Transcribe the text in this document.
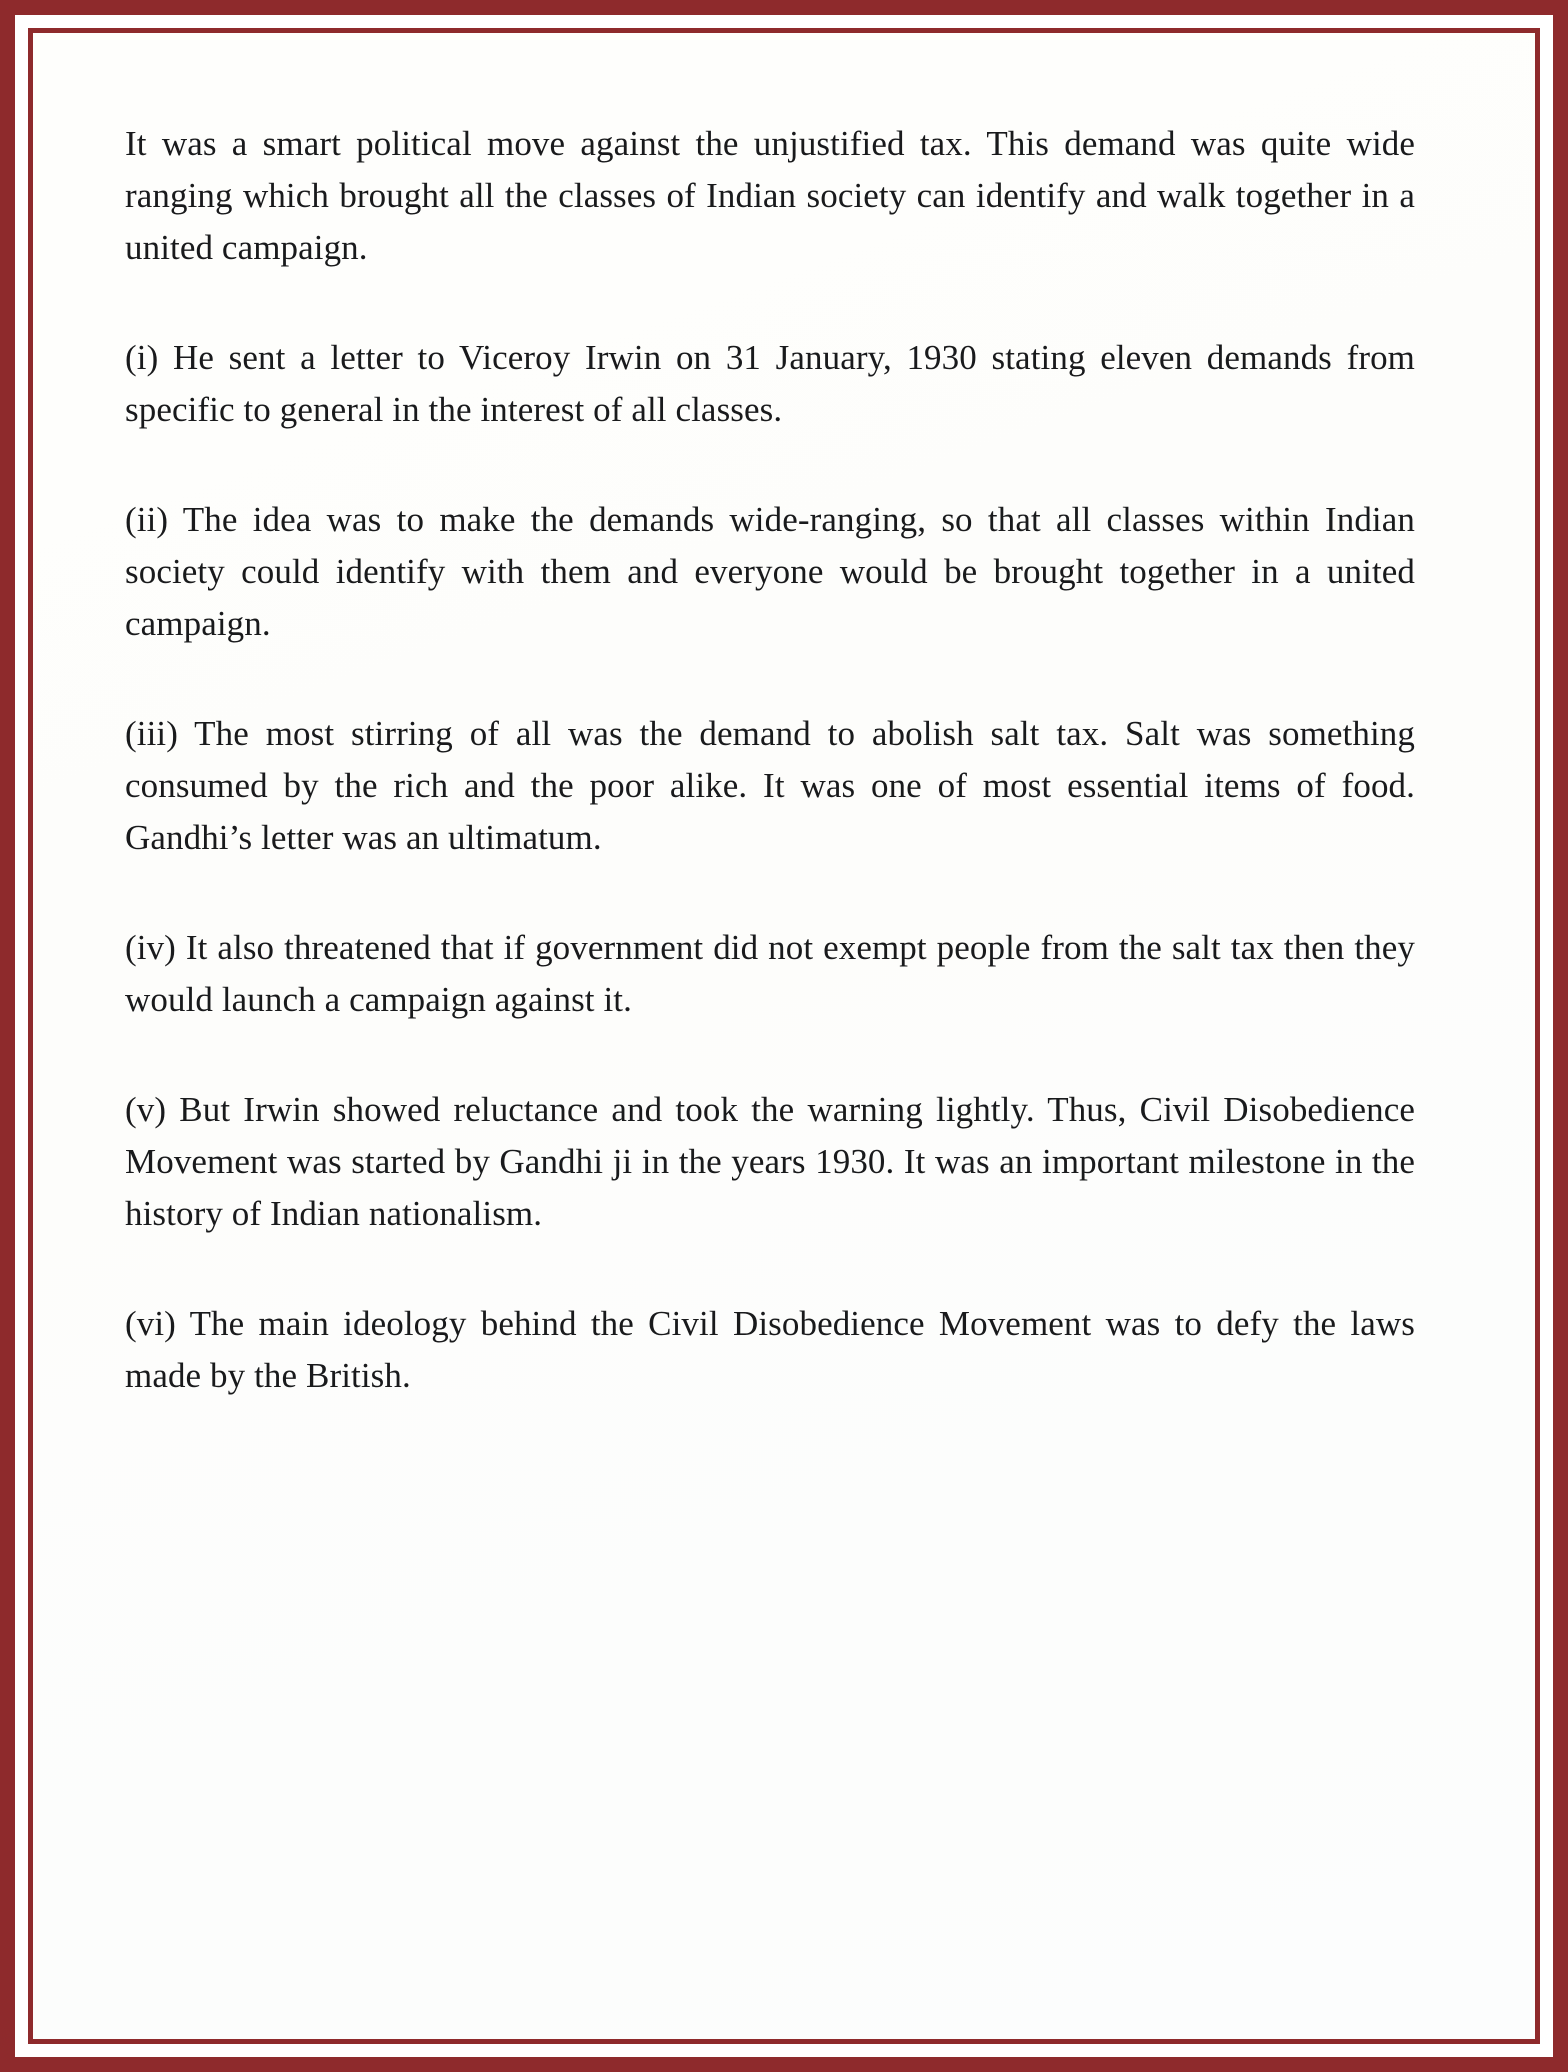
It was a smart political move against the unjustified tax. This demand was quite wide ranging which brought all the classes of Indian society can identify and walk together in a united campaign.

(i) He sent a letter to Viceroy Irwin on 31 January, 1930 stating eleven demands from specific to general in the interest of all classes.

(ii) The idea was to make the demands wide-ranging, so that all classes within Indian society could identify with them and everyone would be brought together in a united campaign.

(iii) The most stirring of all was the demand to abolish salt tax. Salt was something consumed by the rich and the poor alike. It was one of most essential items of food. Gandhi’s letter was an ultimatum.

(iv) It also threatened that if government did not exempt people from the salt tax then they would launch a campaign against it.

(v) But Irwin showed reluctance and took the warning lightly. Thus, Civil Disobedience Movement was started by Gandhi ji in the years 1930. It was an important milestone in the history of Indian nationalism.

(vi) The main ideology behind the Civil Disobedience Movement was to defy the laws made by the British.
